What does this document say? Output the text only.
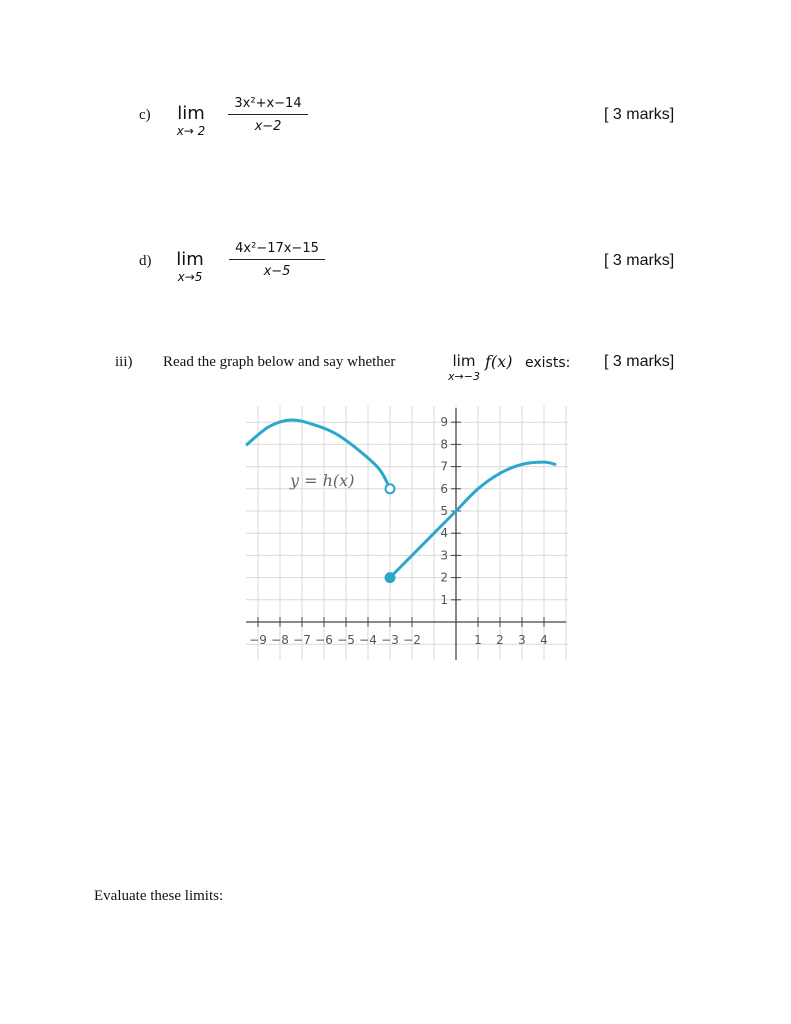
c)	lim
x→ 2	$\frac{\text{3x²+x−14}}{x-2}$	[ 3 marks]
d)	lim
x→5	$\frac{\text{4x²−17x−15}}{x-5}$	[ 3 marks]
iii) Read the graph below and say whether	lim
x→−3
f(x) exists: [ 3 marks]
−9 −8 −7 −6 −5 −4 −3 −2	1 2 3 4
1
2
3
4
5
6
7
8
9
y = h(x)
Evaluate these limits:
